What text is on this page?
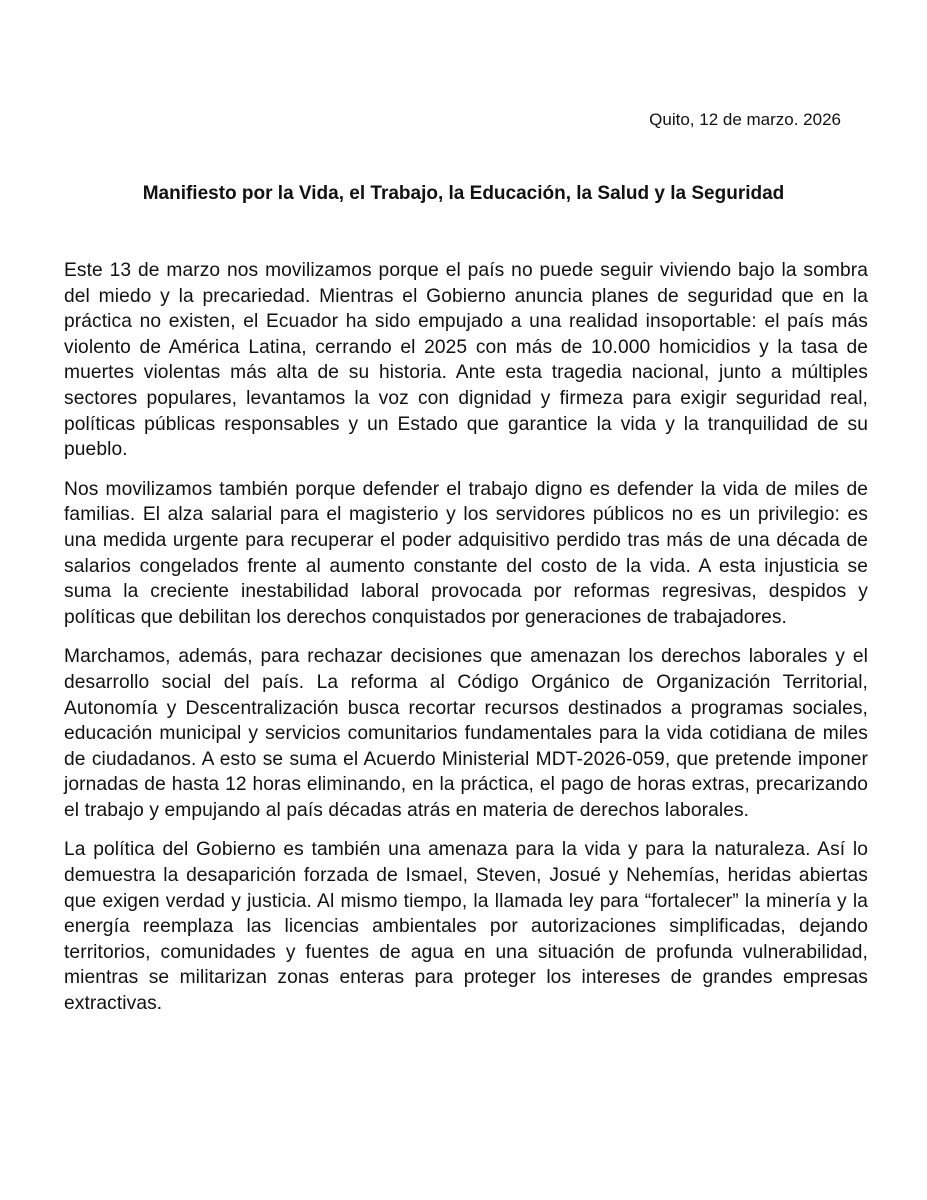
Quito, 12 de marzo. 2026
Manifiesto por la Vida, el Trabajo, la Educación, la Salud y la Seguridad

Este 13 de marzo nos movilizamos porque el país no puede seguir viviendo bajo la sombra del miedo y la precariedad. Mientras el Gobierno anuncia planes de seguridad que en la práctica no existen, el Ecuador ha sido empujado a una realidad insoportable: el país más violento de América Latina, cerrando el 2025 con más de 10.000 homicidios y la tasa de muertes violentas más alta de su historia. Ante esta tragedia nacional, junto a múltiples sectores populares, levantamos la voz con dignidad y firmeza para exigir seguridad real, políticas públicas responsables y un Estado que garantice la vida y la tranquilidad de su pueblo.

Nos movilizamos también porque defender el trabajo digno es defender la vida de miles de familias. El alza salarial para el magisterio y los servidores públicos no es un privilegio: es una medida urgente para recuperar el poder adquisitivo perdido tras más de una década de salarios congelados frente al aumento constante del costo de la vida. A esta injusticia se suma la creciente inestabilidad laboral provocada por reformas regresivas, despidos y políticas que debilitan los derechos conquistados por generaciones de trabajadores.

Marchamos, además, para rechazar decisiones que amenazan los derechos laborales y el desarrollo social del país. La reforma al Código Orgánico de Organización Territorial, Autonomía y Descentralización busca recortar recursos destinados a programas sociales, educación municipal y servicios comunitarios fundamentales para la vida cotidiana de miles de ciudadanos. A esto se suma el Acuerdo Ministerial MDT-2026-059, que pretende imponer jornadas de hasta 12 horas eliminando, en la práctica, el pago de horas extras, precarizando el trabajo y empujando al país décadas atrás en materia de derechos laborales.

La política del Gobierno es también una amenaza para la vida y para la naturaleza. Así lo demuestra la desaparición forzada de Ismael, Steven, Josué y Nehemías, heridas abiertas que exigen verdad y justicia. Al mismo tiempo, la llamada ley para “fortalecer” la minería y la energía reemplaza las licencias ambientales por autorizaciones simplificadas, dejando territorios, comunidades y fuentes de agua en una situación de profunda vulnerabilidad, mientras se militarizan zonas enteras para proteger los intereses de grandes empresas extractivas.
